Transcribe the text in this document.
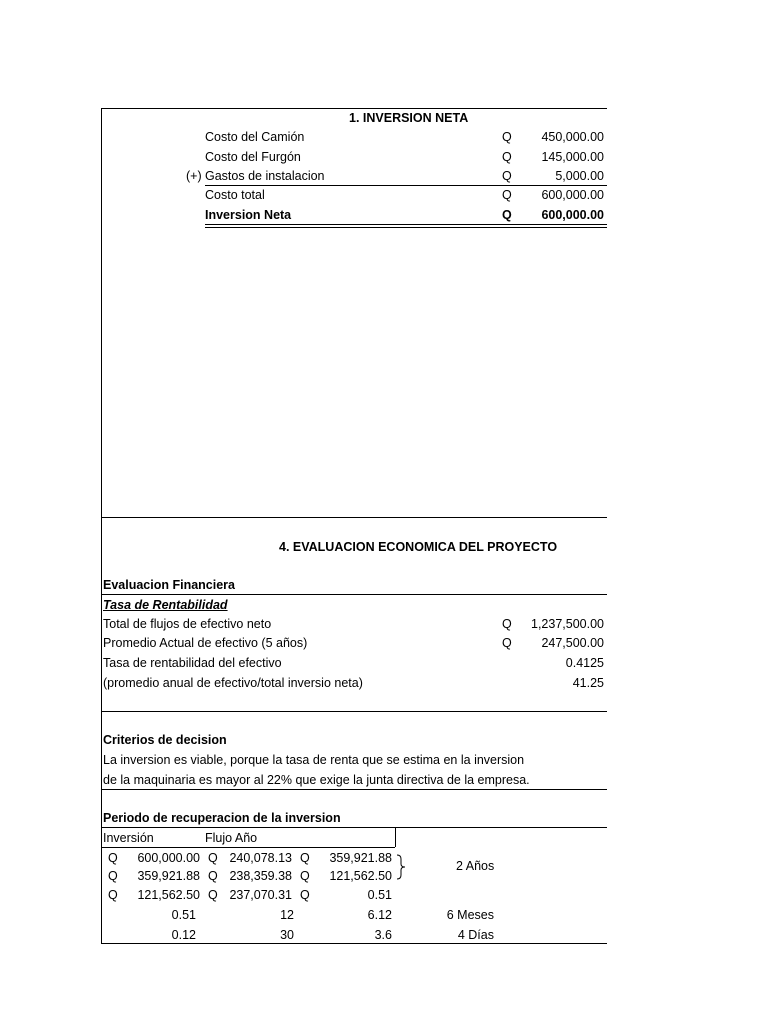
1. INVERSION NETA
Costo del Camión	Q	450,000.00
Costo del Furgón	Q	145,000.00
(+) Gastos de instalacion	Q	5,000.00
Costo total	Q	600,000.00
Inversion Neta	Q	600,000.00
4. EVALUACION ECONOMICA DEL PROYECTO
Evaluacion Financiera
Tasa de Rentabilidad
Total de flujos de efectivo neto	Q	1,237,500.00
Promedio Actual de efectivo (5 años)	Q	247,500.00
Tasa de rentabilidad del efectivo	0.4125
(promedio anual de efectivo/total inversio neta)	41.25
Criterios de decision
La inversion es viable, porque la tasa de renta que se estima en la inversion
de la maquinaria es mayor al 22% que exige la junta directiva de la empresa.
Periodo de recuperacion de la inversion
Inversión	Flujo Año
Q	600,000.00 Q 240,078.13 Q	359,921.88
Q	359,921.88 Q 238,359.38 Q	121,562.50
Q	121,562.50 Q 237,070.31 Q	0.51
2 Años
0.51	12	6.12	6 Meses
0.12	30	3.6	4 Días
